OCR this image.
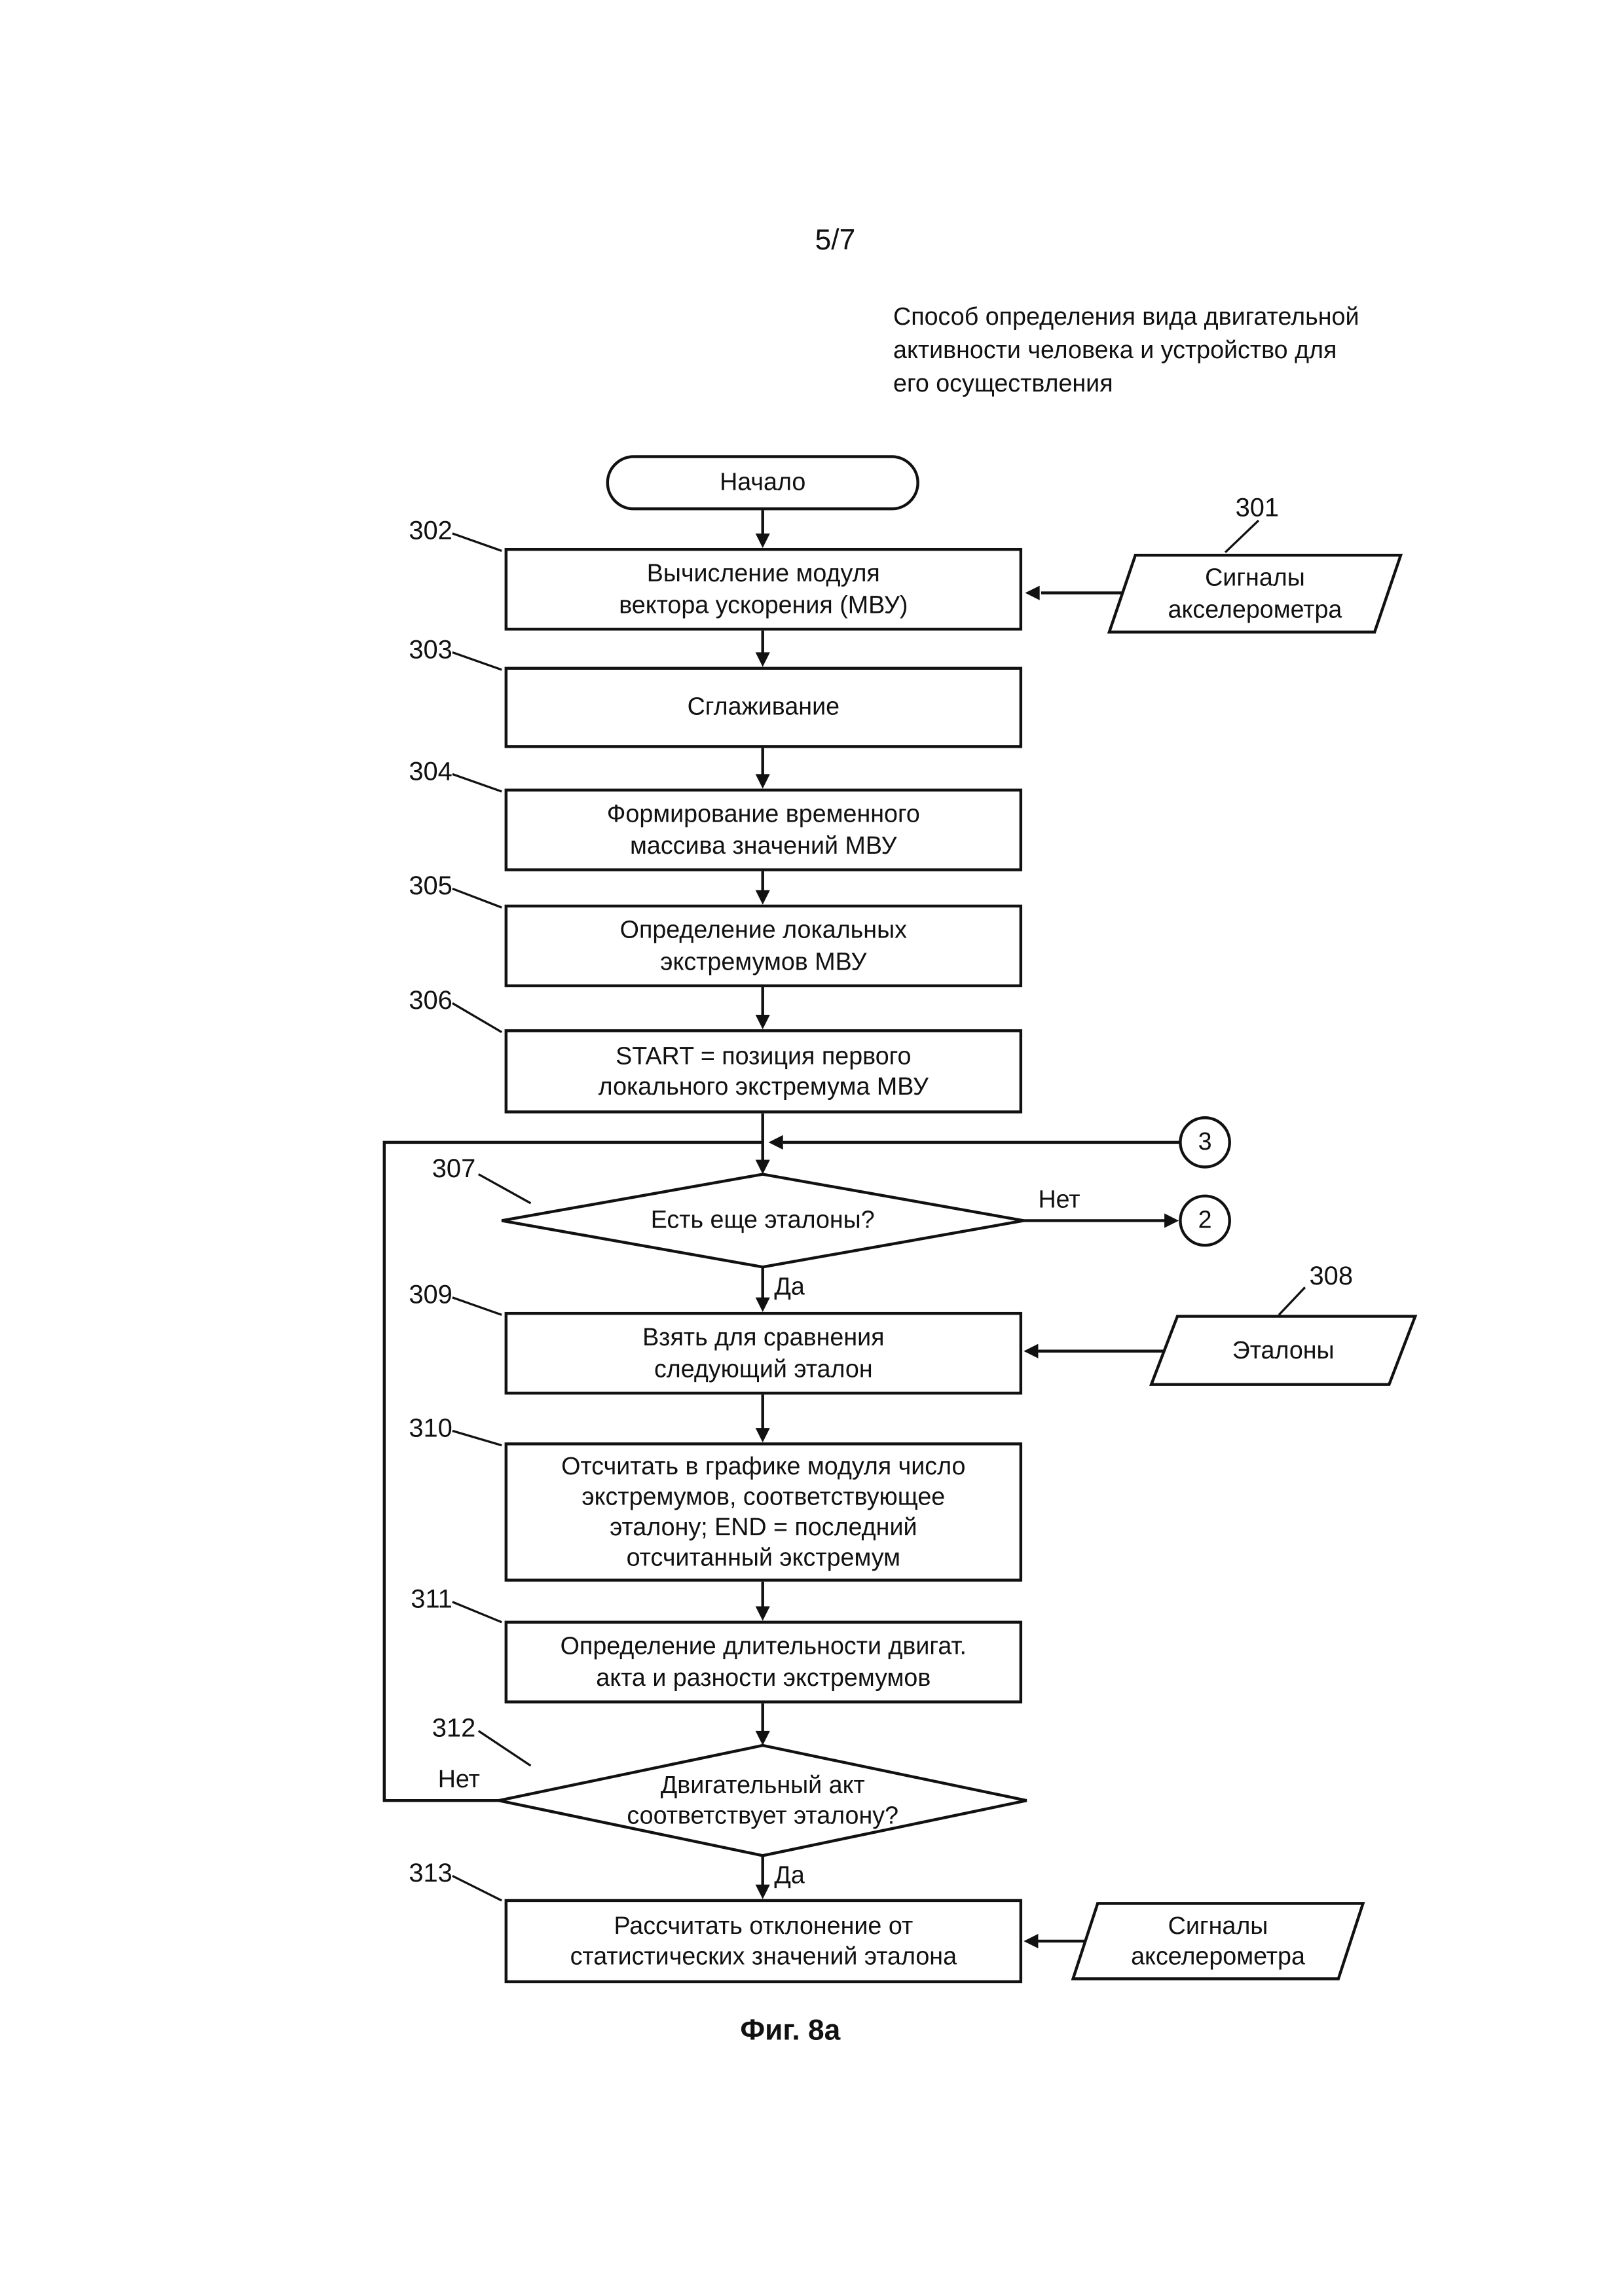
5/7
Способ определения вида двигательной
активности человека и устройство для
его осуществления
Начало
Вычисление модуля
вектора ускорения (МВУ)
Сглаживание
Формирование временного
массива значений МВУ
Определение локальных
экстремумов МВУ
START = позиция первого
локального экстремума МВУ
Взять для сравнения
следующий эталон
Отсчитать в графике модуля число
экстремумов, соответствующее
эталону; END = последний
отсчитанный экстремум
Определение длительности двигат.
акта и разности экстремумов
Рассчитать отклонение от
статистических значений эталона
Есть еще эталоны?
Двигательный акт
соответствует эталону?
Сигналы
акселерометра
Эталоны
Сигналы
акселерометра
3
2
302
301
303
304
305
306
307
308
309
310
311
312
313
Нет
Да
Нет
Да
Фиг. 8а
